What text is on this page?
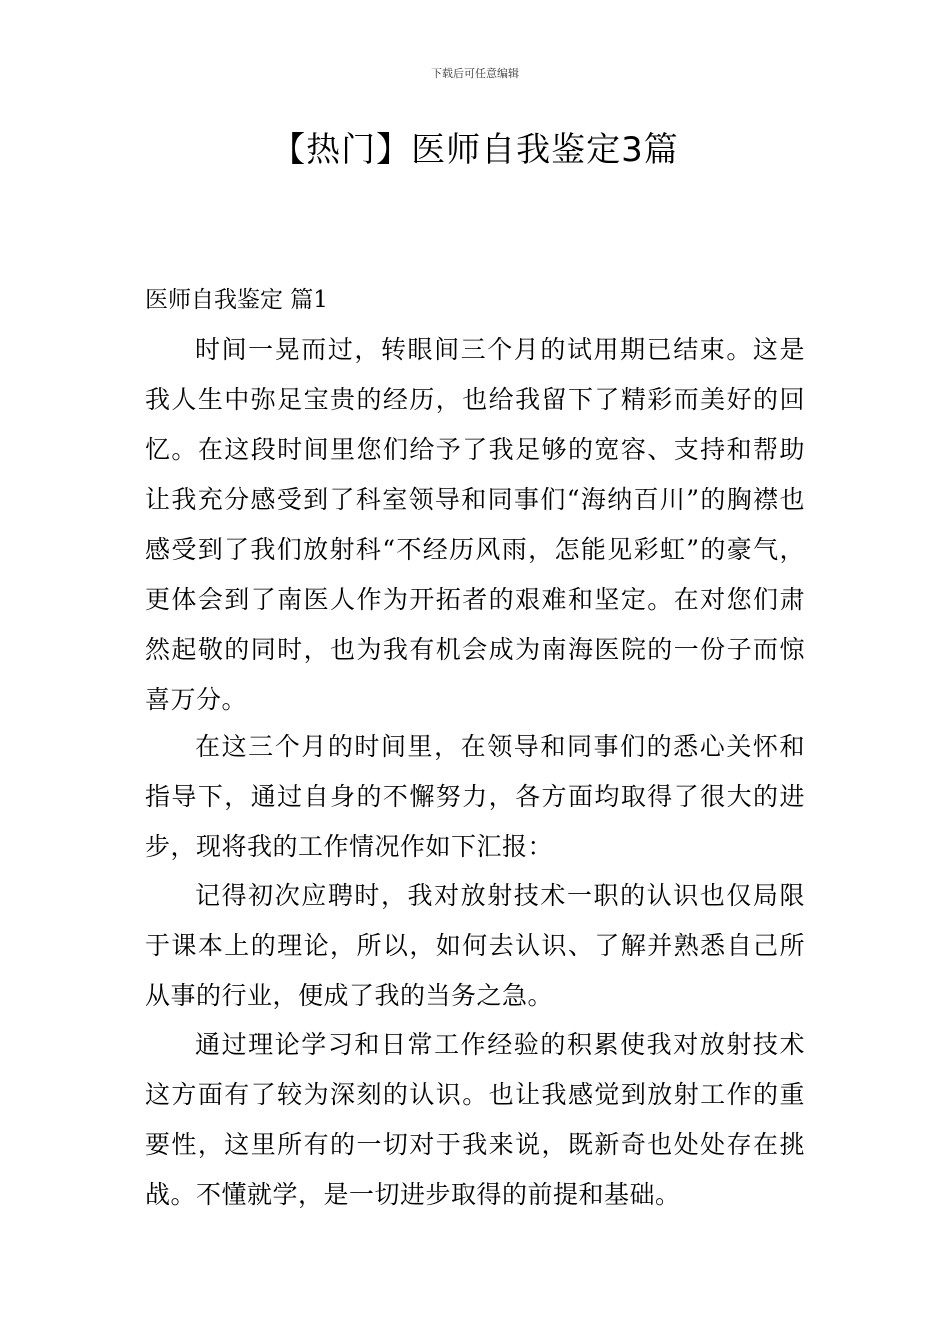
下载后可任意编辑
【热门】医师自我鉴定3篇
医师自我鉴定 篇1

时间一晃而过，转眼间三个月的试用期已结束。这是我人生中弥足宝贵的经历，也给我留下了精彩而美好的回忆。在这段时间里您们给予了我足够的宽容、支持和帮助让我充分感受到了科室领导和同事们“海纳百川”的胸襟也感受到了我们放射科“不经历风雨，怎能见彩虹”的豪气，更体会到了南医人作为开拓者的艰难和坚定。在对您们肃然起敬的同时，也为我有机会成为南海医院的一份子而惊喜万分。

在这三个月的时间里，在领导和同事们的悉心关怀和指导下，通过自身的不懈努力，各方面均取得了很大的进步，现将我的工作情况作如下汇报：

记得初次应聘时，我对放射技术一职的认识也仅局限于课本上的理论，所以，如何去认识、了解并熟悉自己所从事的行业，便成了我的当务之急。

通过理论学习和日常工作经验的积累使我对放射技术这方面有了较为深刻的认识。也让我感觉到放射工作的重要性，这里所有的一切对于我来说，既新奇也处处存在挑战。不懂就学，是一切进步取得的前提和基础。
